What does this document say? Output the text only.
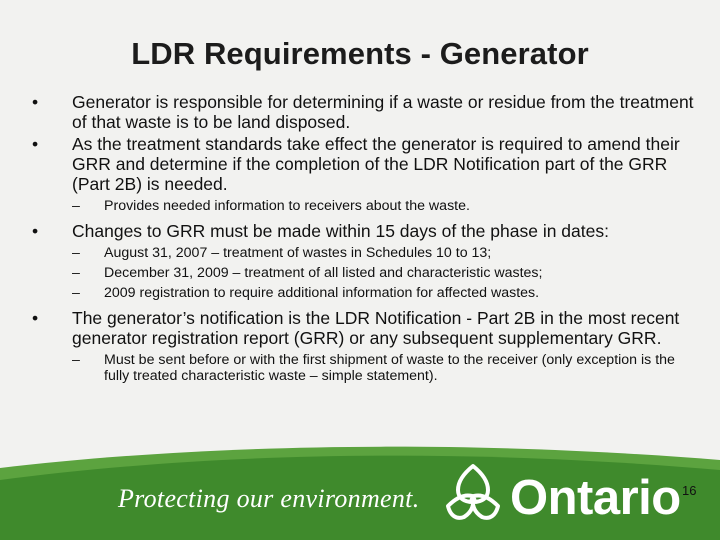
LDR Requirements - Generator
•	Generator is responsible for determining if a waste or residue from the treatment of that waste is to be land disposed.
•	As the treatment standards take effect the generator is required to amend their GRR and determine if the completion of the LDR Notification part of the GRR (Part 2B) is needed.
– Provides needed information to receivers about the waste.
•	Changes to GRR must be made within 15 days of the phase in dates:
– August 31, 2007 – treatment of wastes in Schedules 10 to 13;
– December 31, 2009 – treatment of all listed and characteristic wastes;
– 2009 registration to require additional information for affected wastes.
•	The generator’s notification is the LDR Notification - Part 2B in the most recent generator registration report (GRR) or any subsequent supplementary GRR.
– Must be sent before or with the first shipment of waste to the receiver (only exception is the fully treated characteristic waste – simple statement).
Protecting our environment. Ontario 16
